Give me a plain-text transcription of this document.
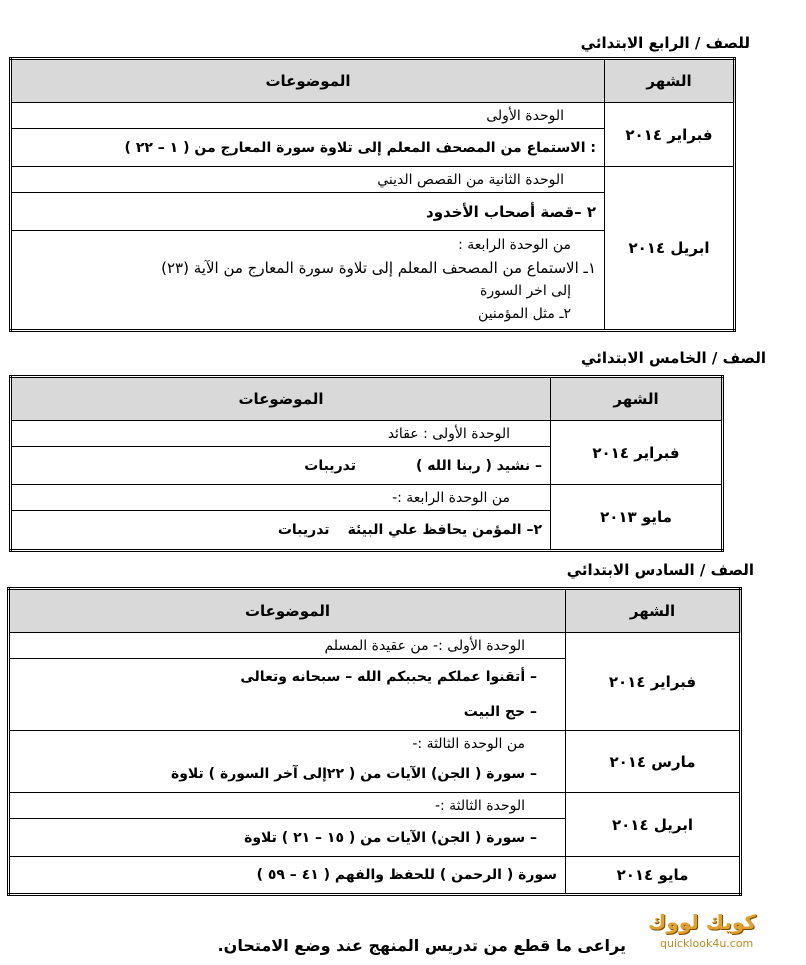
للصف / الرابع الابتدائي
الشهر	الموضوعات
فبراير ٢٠١٤	الوحدة الأولى
	: الاستماع من المصحف المعلم إلى تلاوة سورة المعارج من ( ١ – ٢٢ )
ابريل ٢٠١٤	الوحدة الثانية من القصص الديني
	٢ –قصة أصحاب الأخدود

	من الوحدة الرابعة :
١ـ الاستماع من المصحف المعلم إلى تلاوة سورة المعارج من الآية (٢٣)
إلى اخر السورة
٢ـ مثل المؤمنين
الصف / الخامس الابتدائي
الشهر	الموضوعات
فبراير ٢٠١٤	الوحدة الأولى : عقائد
	– نشيد ( ربنا الله )تدريبات
مايو ٢٠١٣	من الوحدة الرابعة :-
	٢– المؤمن يحافظ علي البيئةتدريبات
الصف / السادس الابتدائي
الشهر	الموضوعات
فبراير ٢٠١٤	الوحدة الأولى :- من عقيدة المسلم
	– أتقنوا عملكم يحببكم الله – سبحانه وتعالى
	– حج البيت
مارس ٢٠١٤	من الوحدة الثالثة :-
	– سورة ( الجن) الآيات من ( ٢٢إلى آخر السورة ) تلاوة
ابريل ٢٠١٤	الوحدة الثالثة :-
	– سورة ( الجن) الآيات من ( ١٥ – ٢١ ) تلاوة
مايو ٢٠١٤	سورة ( الرحمن ) للحفظ والفهم ( ٤١ – ٥٩ )
يراعى ما قطع من تدريس المنهج عند وضع الامتحان.
كويك لووك
quicklook4u.com
